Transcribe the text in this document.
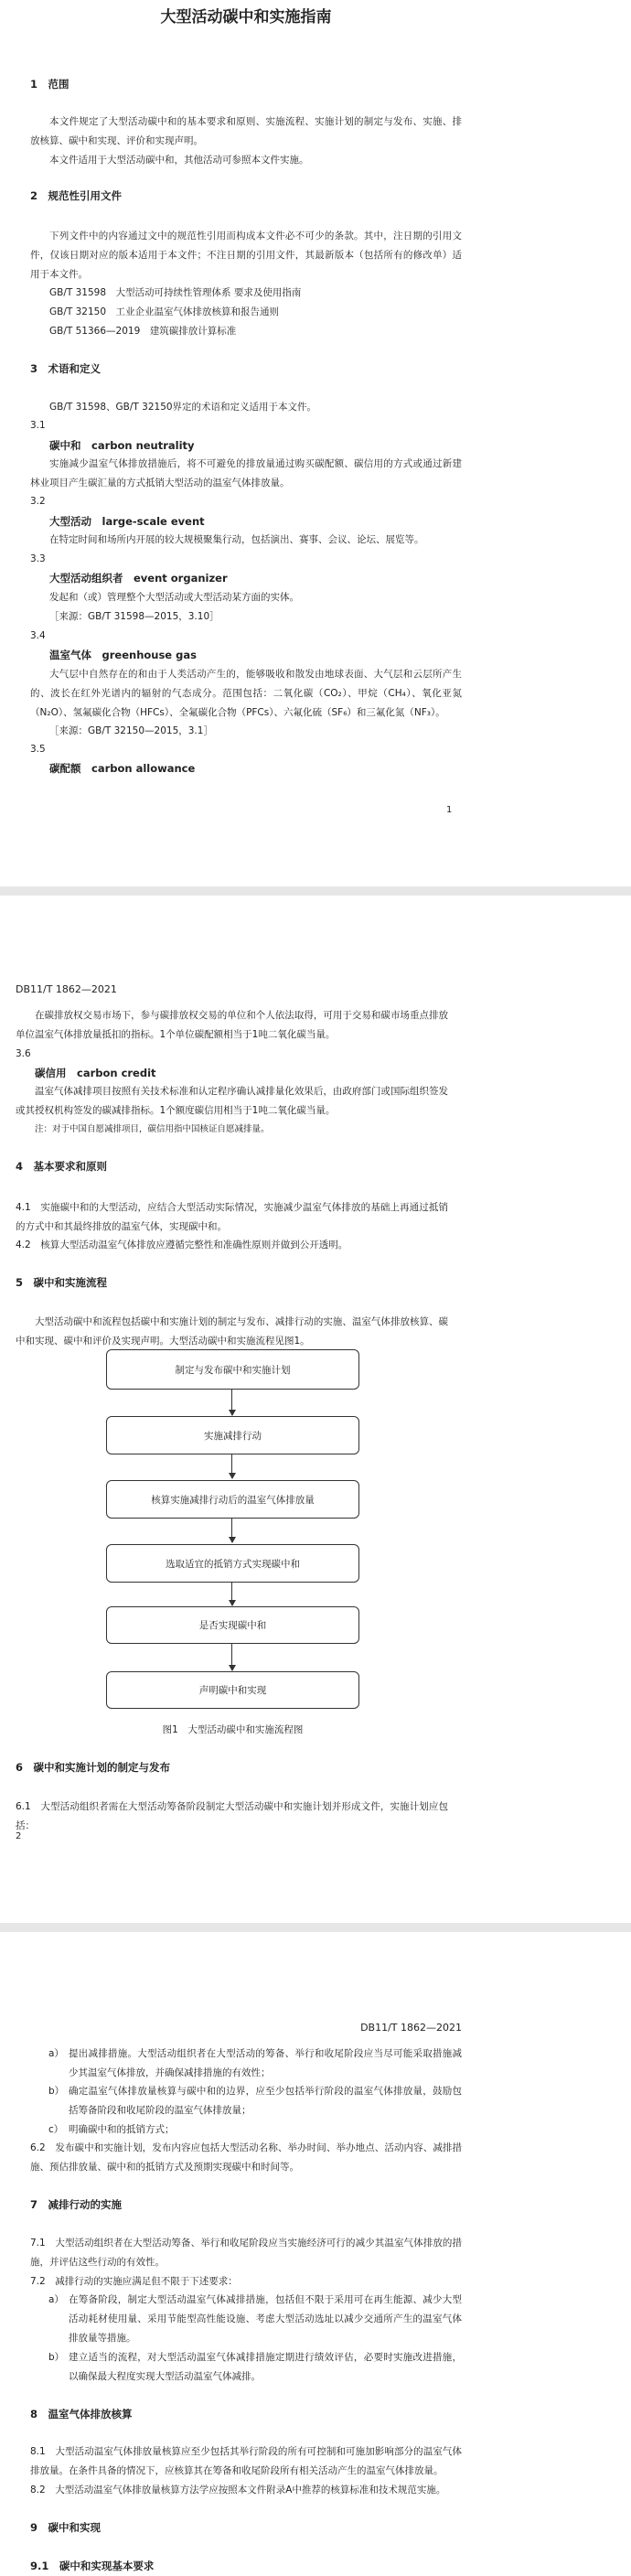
大型活动碳中和实施指南

1　范围

本文件规定了大型活动碳中和的基本要求和原则、实施流程、实施计划的制定与发布、实施、排放核算、碳中和实现、评价和实现声明。

本文件适用于大型活动碳中和，其他活动可参照本文件实施。

2　规范性引用文件

下列文件中的内容通过文中的规范性引用而构成本文件必不可少的条款。其中，注日期的引用文件，仅该日期对应的版本适用于本文件；不注日期的引用文件，其最新版本（包括所有的修改单）适用于本文件。

GB/T 31598　大型活动可持续性管理体系 要求及使用指南

GB/T 32150　工业企业温室气体排放核算和报告通则

GB/T 51366—2019　建筑碳排放计算标准

3　术语和定义

GB/T 31598、GB/T 32150界定的术语和定义适用于本文件。

3.1

碳中和　carbon neutrality

实施减少温室气体排放措施后，将不可避免的排放量通过购买碳配额、碳信用的方式或通过新建林业项目产生碳汇量的方式抵销大型活动的温室气体排放量。

3.2

大型活动　large-scale event

在特定时间和场所内开展的较大规模聚集行动，包括演出、赛事、会议、论坛、展览等。

3.3

大型活动组织者　event organizer

发起和（或）管理整个大型活动或大型活动某方面的实体。

［来源：GB/T 31598—2015，3.10］

3.4

温室气体　greenhouse gas

大气层中自然存在的和由于人类活动产生的，能够吸收和散发由地球表面、大气层和云层所产生的、波长在红外光谱内的辐射的气态成分。范围包括：二氧化碳（CO₂）、甲烷（CH₄）、氧化亚氮（N₂O）、氢氟碳化合物（HFCs）、全氟碳化合物（PFCs）、六氟化硫（SF₆）和三氟化氮（NF₃）。

［来源：GB/T 32150—2015，3.1］

3.5

碳配额　carbon allowance

1

DB11/T 1862—2021

在碳排放权交易市场下，参与碳排放权交易的单位和个人依法取得，可用于交易和碳市场重点排放单位温室气体排放量抵扣的指标。1个单位碳配额相当于1吨二氧化碳当量。

3.6

碳信用　carbon credit

温室气体减排项目按照有关技术标准和认定程序确认减排量化效果后，由政府部门或国际组织签发或其授权机构签发的碳减排指标。1个额度碳信用相当于1吨二氧化碳当量。

注：对于中国自愿减排项目，碳信用指中国核证自愿减排量。

4　基本要求和原则

4.1　实施碳中和的大型活动，应结合大型活动实际情况，实施减少温室气体排放的基础上再通过抵销的方式中和其最终排放的温室气体，实现碳中和。

4.2　核算大型活动温室气体排放应遵循完整性和准确性原则并做到公开透明。

5　碳中和实施流程

大型活动碳中和流程包括碳中和实施计划的制定与发布、减排行动的实施、温室气体排放核算、碳中和实现、碳中和评价及实现声明。大型活动碳中和实施流程见图1。

制定与发布碳中和实施计划
实施减排行动
核算实施减排行动后的温室气体排放量
选取适宜的抵销方式实现碳中和
是否实现碳中和
声明碳中和实现

图1　大型活动碳中和实施流程图

6　碳中和实施计划的制定与发布

6.1　大型活动组织者需在大型活动筹备阶段制定大型活动碳中和实施计划并形成文件，实施计划应包括：

2

DB11/T 1862—2021

a） 提出减排措施。大型活动组织者在大型活动的筹备、举行和收尾阶段应当尽可能采取措施减少其温室气体排放，并确保减排措施的有效性；
b） 确定温室气体排放量核算与碳中和的边界，应至少包括举行阶段的温室气体排放量，鼓励包括筹备阶段和收尾阶段的温室气体排放量；
c） 明确碳中和的抵销方式；

6.2　发布碳中和实施计划，发布内容应包括大型活动名称、举办时间、举办地点、活动内容、减排措施、预估排放量、碳中和的抵销方式及预期实现碳中和时间等。

7　减排行动的实施

7.1　大型活动组织者在大型活动筹备、举行和收尾阶段应当实施经济可行的减少其温室气体排放的措施，并评估这些行动的有效性。

7.2　减排行动的实施应满足但不限于下述要求：

a） 在筹备阶段，制定大型活动温室气体减排措施，包括但不限于采用可在再生能源、减少大型活动耗材使用量、采用节能型高性能设施、考虑大型活动选址以减少交通所产生的温室气体排放量等措施。
b） 建立适当的流程，对大型活动温室气体减排措施定期进行绩效评估，必要时实施改进措施，以确保最大程度实现大型活动温室气体减排。

8　温室气体排放核算

8.1　大型活动温室气体排放量核算应至少包括其举行阶段的所有可控制和可施加影响部分的温室气体排放量。在条件具备的情况下，应核算其在筹备和收尾阶段所有相关活动产生的温室气体排放量。

8.2　大型活动温室气体排放量核算方法学应按照本文件附录A中推荐的核算标准和技术规范实施。

9　碳中和实现

9.1　碳中和实现基本要求
